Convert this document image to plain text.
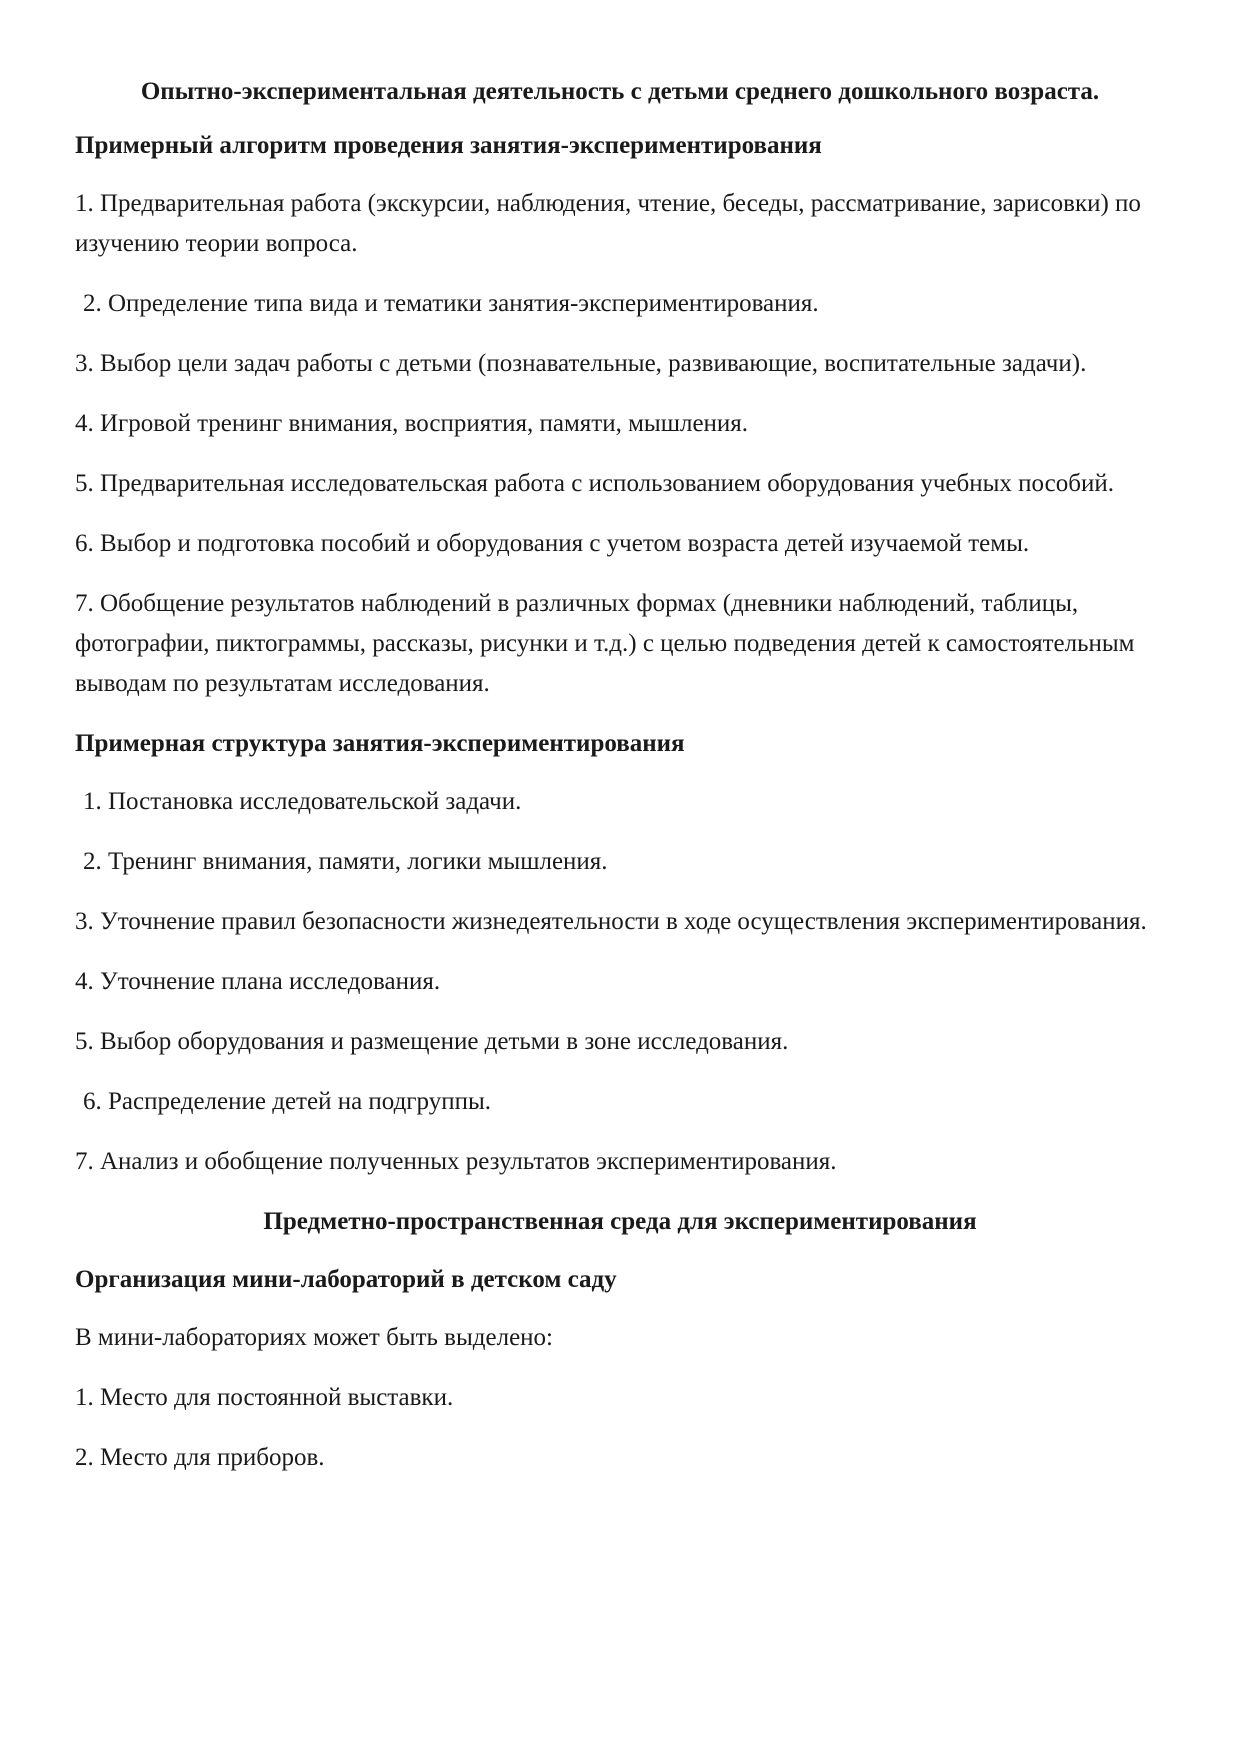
Опытно-экспериментальная деятельность с детьми среднего дошкольного возраста.
Примерный алгоритм проведения занятия-экспериментирования
1. Предварительная работа (экскурсии, наблюдения, чтение, беседы, рассматривание, зарисовки) по изучению теории вопроса.
2. Определение типа вида и тематики занятия-экспериментирования.
3. Выбор цели задач работы с детьми (познавательные, развивающие, воспитательные задачи).
4. Игровой тренинг внимания, восприятия, памяти, мышления.
5. Предварительная исследовательская работа с использованием оборудования учебных пособий.
6. Выбор и подготовка пособий и оборудования с учетом возраста детей изучаемой темы.
7. Обобщение результатов наблюдений в различных формах (дневники наблюдений, таблицы, фотографии, пиктограммы, рассказы, рисунки и т.д.) с целью подведения детей к самостоятельным выводам по результатам исследования.
Примерная структура занятия-экспериментирования
1. Постановка исследовательской задачи.
2. Тренинг внимания, памяти, логики мышления.
3. Уточнение правил безопасности жизнедеятельности в ходе осуществления экспериментирования.
4. Уточнение плана исследования.
5. Выбор оборудования и размещение детьми в зоне исследования.
6. Распределение детей на подгруппы.
7. Анализ и обобщение полученных результатов экспериментирования.
Предметно-пространственная среда для экспериментирования
Организация мини-лабораторий в детском саду
В мини-лабораториях может быть выделено:
1. Место для постоянной выставки.
2. Место для приборов.
